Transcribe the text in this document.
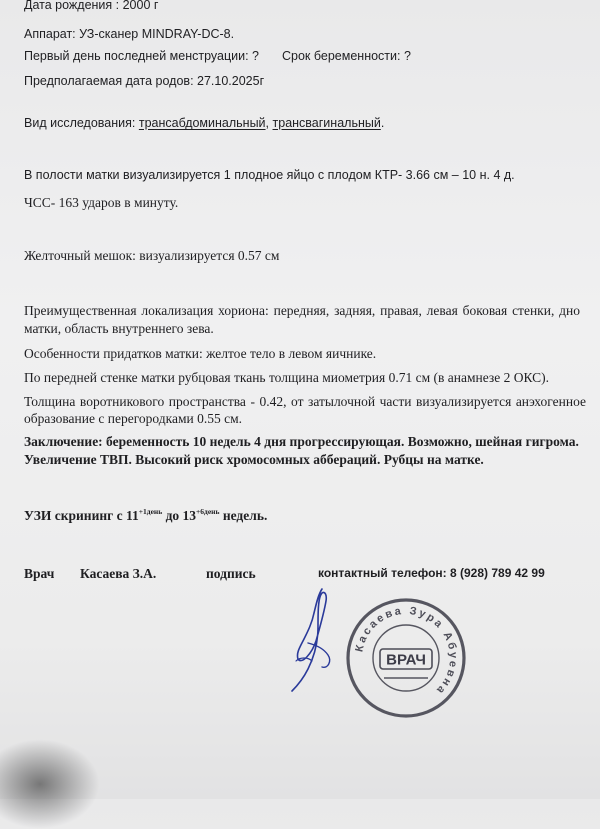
Дата рождения : 2000 г
Аппарат: УЗ-сканер MINDRAY-DC-8.
Первый день последней менструации: ? Срок беременности: ?
Предполагаемая дата родов: 27.10.2025г
Вид исследования: трансабдоминальный, трансвагинальный.
В полости матки визуализируется 1 плодное яйцо с плодом КТР- 3.66 см – 10 н. 4 д.
ЧСС- 163 ударов в минуту.
Желточный мешок: визуализируется 0.57 см
Преимущественная локализация хориона: передняя, задняя, правая, левая боковая стенки, дно матки, область внутреннего зева.
Особенности придатков матки: желтое тело в левом яичнике.
По передней стенке матки рубцовая ткань толщина миометрия 0.71 см (в анамнезе 2 ОКС).
Толщина воротникового пространства - 0.42, от затылочной части визуализируется анэхогенное образование с перегородками 0.55 см.
Заключение: беременность 10 недель 4 дня прогрессирующая. Возможно, шейная гигрома.
Увеличение ТВП. Высокий риск хромосомных аббераций. Рубцы на матке.
УЗИ скрининг с $11^{+1день}$ до $13^{+6день}$ недель.
Врач Касаева З.А.	подпись	контактный телефон: 8 (928) 789 42 99
Касаева Зура Абуевна
ВРАЧ
